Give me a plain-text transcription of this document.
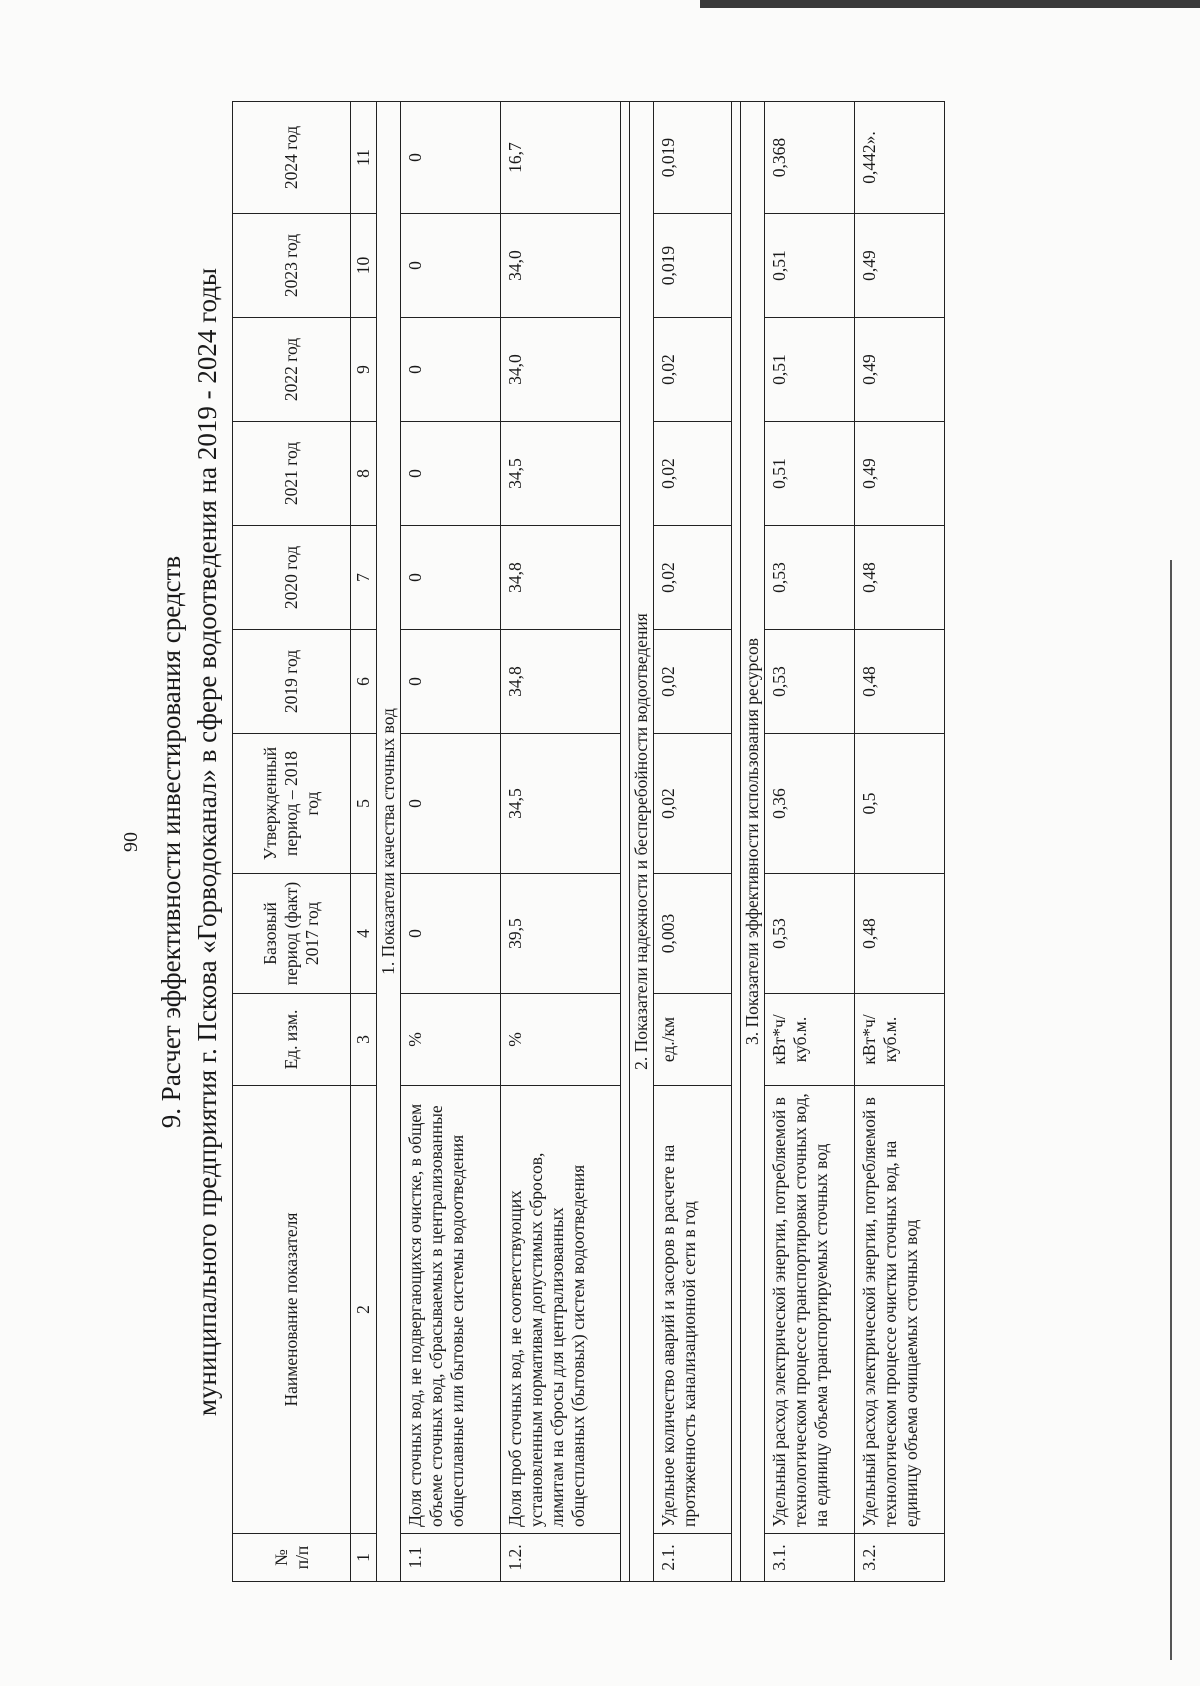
90 9. Расчет эффективности инвестирования средств муниципального предприятия г. Пскова «Горводоканал» в сфере водоотведения на 2019 - 2024 годы
№ п/п	Наименование показателя	Ед. изм.	Базовый период (факт) 2017 год	Утвержденный период – 2018 год	2019 год	2020 год	2021 год	2022 год	2023 год	2024 год
1	2	3	4	5	6	7	8	9	10	11
1. Показатели качества сточных вод										
1.1	Доля сточных вод, не подвергающихся очистке, в общем объеме сточных вод, сбрасываемых в централизованные общесплавные или бытовые системы водоотведения	%	0	0	0	0	0	0	0	0
1.2.	Доля проб сточных вод, не соответствующих установленным нормативам допустимых сбросов, лимитам на сбросы для централизованных общесплавных (бытовых) систем водоотведения	%	39,5	34,5	34,8	34,8	34,5	34,0	34,0	16,7

2. Показатели надежности и бесперебойности водоотведения										
2.1.	Удельное количество аварий и засоров в расчете на протяженность канализационной сети в год	ед./км	0,003	0,02	0,02	0,02	0,02	0,02	0,019	0,019

3. Показатели эффективности использования ресурсов										
3.1.	Удельный расход электрической энергии, потребляемой в технологическом процессе транспортировки сточных вод, на единицу объема транспортируемых сточных вод	кВт*ч/куб.м.	0,53	0,36	0,53	0,53	0,51	0,51	0,51	0,368
3.2.	Удельный расход электрической энергии, потребляемой в технологическом процессе очистки сточных вод, на единицу объема очищаемых сточных вод	кВт*ч/куб.м.	0,48	0,5	0,48	0,48	0,49	0,49	0,49	0,442».
